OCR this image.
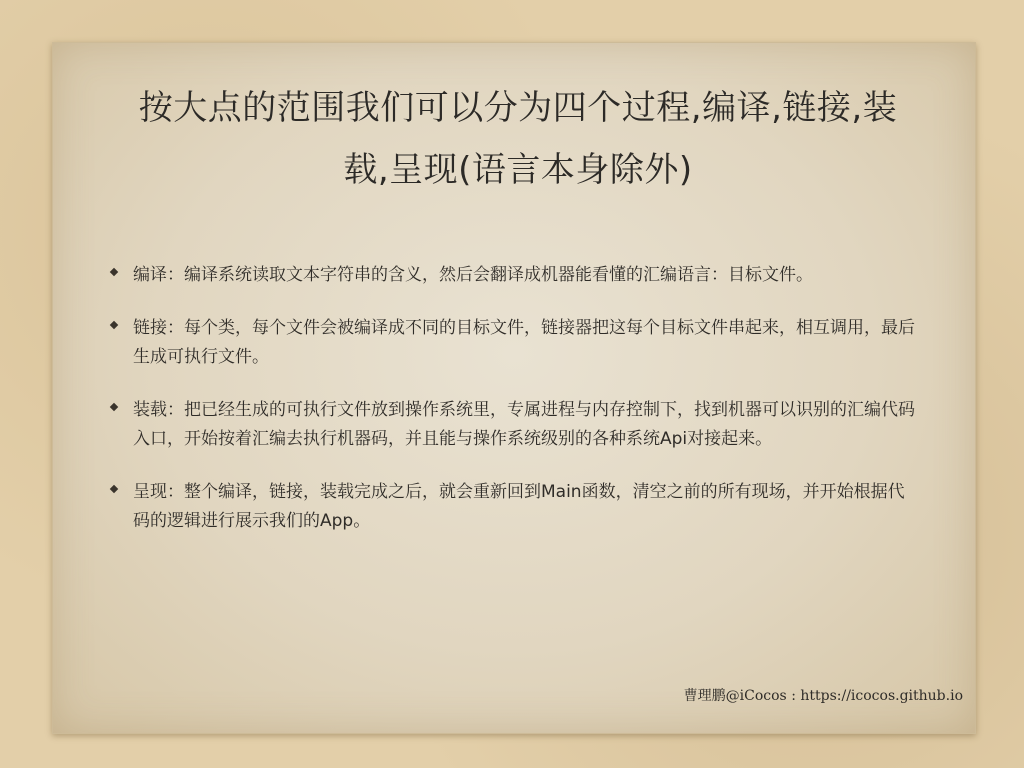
按大点的范围我们可以分为四个过程,编译,链接,装
载,呈现(语言本身除外)
编译：编译系统读取文本字符串的含义，然后会翻译成机器能看懂的汇编语言：目标文件。
链接：每个类，每个文件会被编译成不同的目标文件，链接器把这每个目标文件串起来，相互调用，最后生成可执行文件。
装载：把已经生成的可执行文件放到操作系统里，专属进程与内存控制下，找到机器可以识别的汇编代码入口，开始按着汇编去执行机器码，并且能与操作系统级别的各种系统Api对接起来。
呈现：整个编译，链接，装载完成之后，就会重新回到Main函数，清空之前的所有现场，并开始根据代码的逻辑进行展示我们的App。
曹理鹏@iCocos : https://icocos.github.io
